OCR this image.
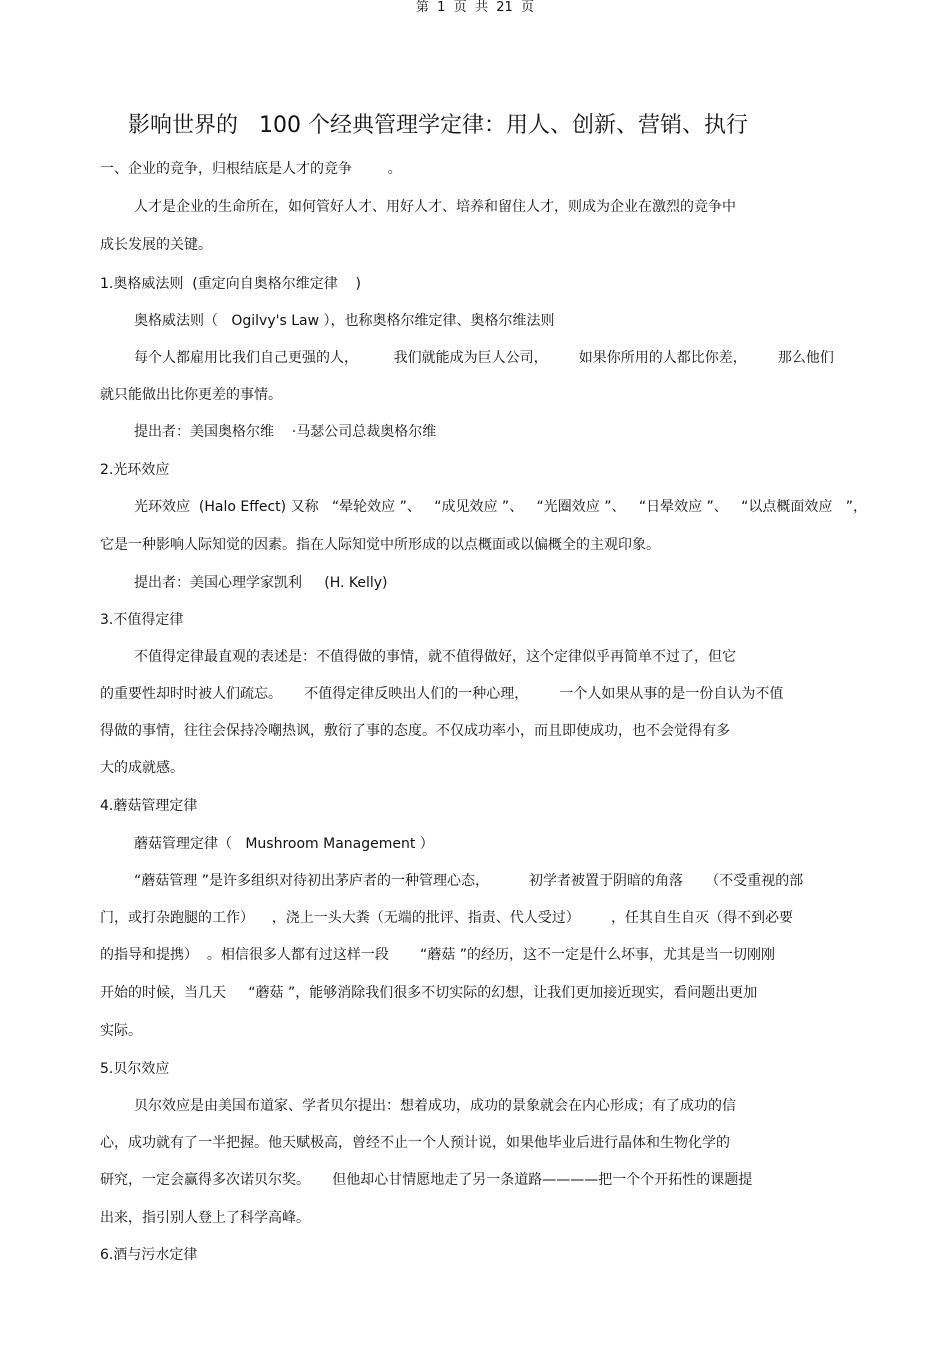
影响世界的   100 个经典管理学定律：用人、创新、营销、执行
一、企业的竞争，归根结底是人才的竞争        。
人才是企业的生命所在，如何管好人才、用好人才、培养和留住人才，则成为企业在激烈的竞争中
成长发展的关键。
1.奥格威法则  (重定向自奥格尔维定律    )
奥格威法则（   Ogilvy's Law ），也称奥格尔维定律、奥格尔维法则
每个人都雇用比我们自己更强的人，        我们就能成为巨人公司，       如果你所用的人都比你差，       那么他们
就只能做出比你更差的事情。
提出者：美国奥格尔维    ·马瑟公司总裁奥格尔维
2.光环效应
光环效应  (Halo Effect) 又称   “晕轮效应 ”、   “成见效应 ”、   “光圈效应 ”、   “日晕效应 ”、   “以点概面效应   ”，
它是一种影响人际知觉的因素。指在人际知觉中所形成的以点概面或以偏概全的主观印象。
提出者：美国心理学家凯利     (H. Kelly)
3.不值得定律
不值得定律最直观的表述是：不值得做的事情，就不值得做好，这个定律似乎再简单不过了，但它
的重要性却时时被人们疏忘。     不值得定律反映出人们的一种心理，       一个人如果从事的是一份自认为不值
得做的事情，往往会保持冷嘲热讽，敷衍了事的态度。不仅成功率小，而且即使成功，也不会觉得有多
大的成就感。
4.蘑菇管理定律
蘑菇管理定律（   Mushroom Management ）
“蘑菇管理 ”是许多组织对待初出茅庐者的一种管理心态，         初学者被置于阴暗的角落     （不受重视的部
门，或打杂跑腿的工作）    ，浇上一头大粪（无端的批评、指责、代人受过）       ，任其自生自灭（得不到必要
的指导和提携）  。相信很多人都有过这样一段       “蘑菇 ”的经历，这不一定是什么坏事，尤其是当一切刚刚
开始的时候，当几天     “蘑菇 ”，能够消除我们很多不切实际的幻想，让我们更加接近现实，看问题出更加
实际。
5.贝尔效应
贝尔效应是由美国布道家、学者贝尔提出：想着成功，成功的景象就会在内心形成；有了成功的信
心，成功就有了一半把握。他天赋极高，曾经不止一个人预计说，如果他毕业后进行晶体和生物化学的
研究，一定会赢得多次诺贝尔奖。     但他却心甘情愿地走了另一条道路————把一个个开拓性的课题提
出来，指引别人登上了科学高峰。
6.酒与污水定律
第  1  页  共  21  页
